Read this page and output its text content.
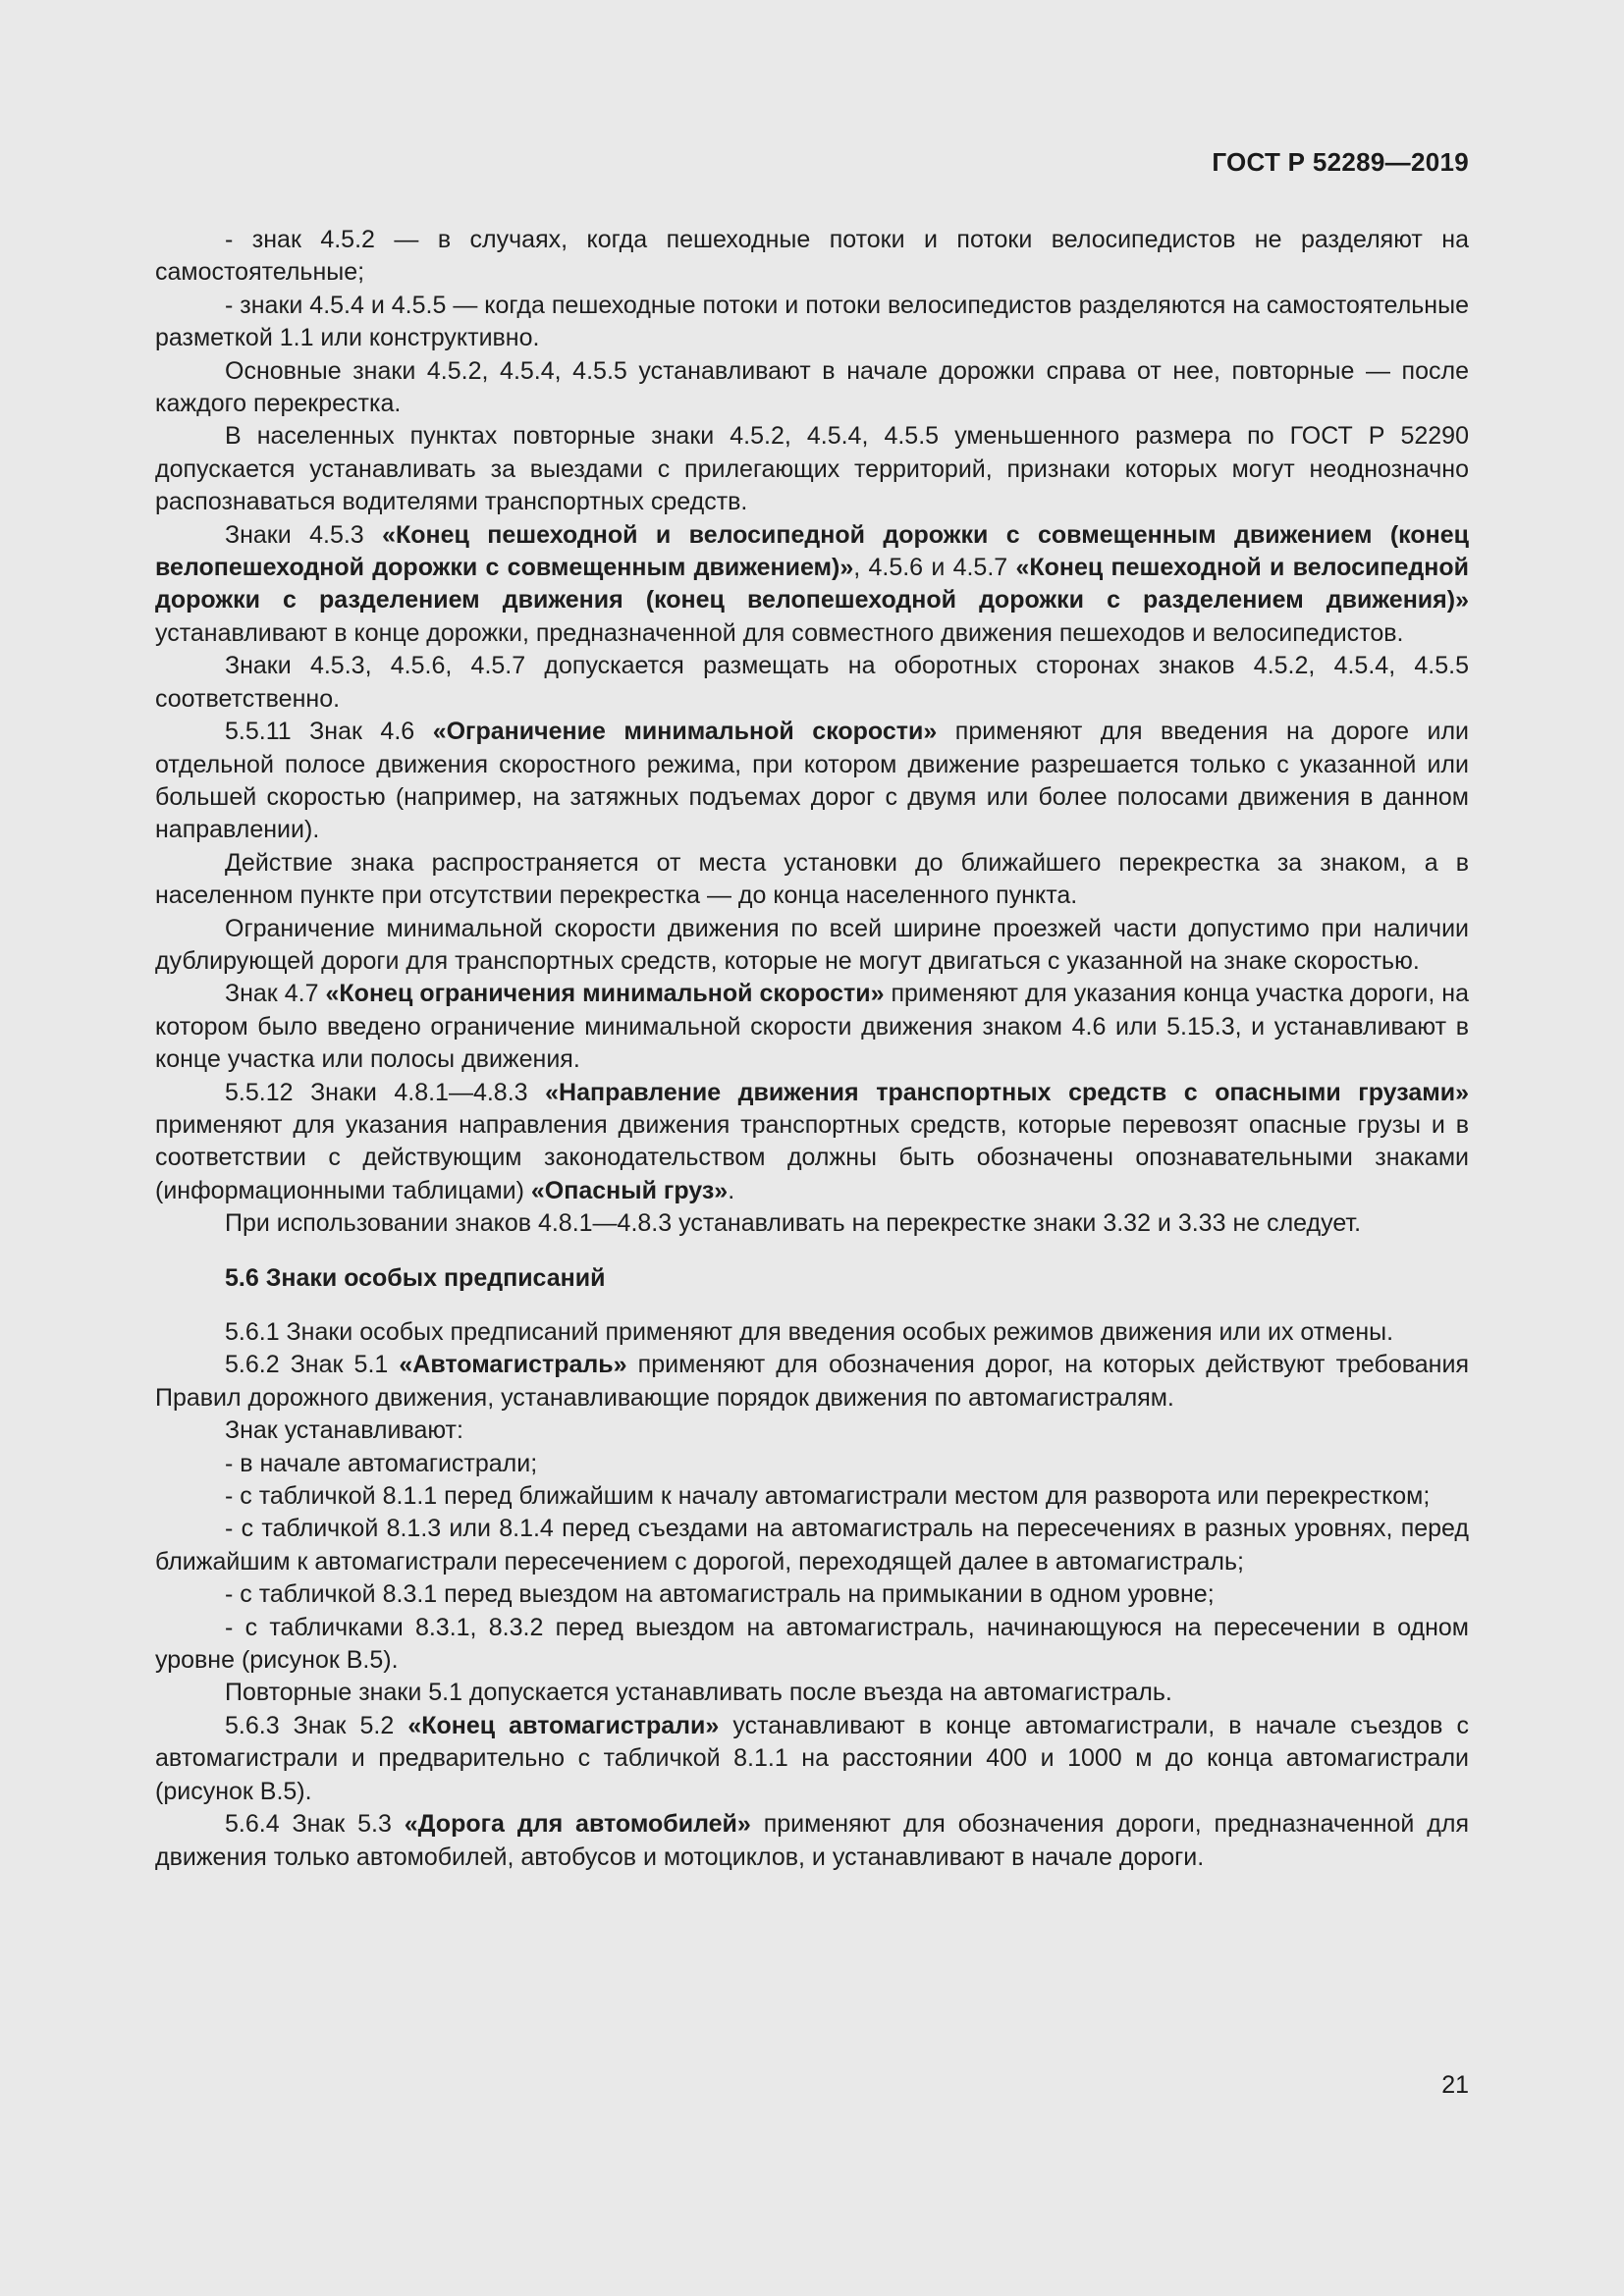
ГОСТ Р 52289—2019

- знак 4.5.2 — в случаях, когда пешеходные потоки и потоки велосипедистов не разделяют на самостоятельные;

- знаки 4.5.4 и 4.5.5 — когда пешеходные потоки и потоки велосипедистов разделяются на самостоятельные разметкой 1.1 или конструктивно.

Основные знаки 4.5.2, 4.5.4, 4.5.5 устанавливают в начале дорожки справа от нее, повторные — после каждого перекрестка.

В населенных пунктах повторные знаки 4.5.2, 4.5.4, 4.5.5 уменьшенного размера по ГОСТ Р 52290 допускается устанавливать за выездами с прилегающих территорий, признаки которых могут неоднозначно распознаваться водителями транспортных средств.

Знаки 4.5.3 «Конец пешеходной и велосипедной дорожки с совмещенным движением (конец велопешеходной дорожки с совмещенным движением)», 4.5.6 и 4.5.7 «Конец пешеходной и велосипедной дорожки с разделением движения (конец велопешеходной дорожки с разделением движения)» устанавливают в конце дорожки, предназначенной для совместного движения пешеходов и велосипедистов.

Знаки 4.5.3, 4.5.6, 4.5.7 допускается размещать на оборотных сторонах знаков 4.5.2, 4.5.4, 4.5.5 соответственно.

5.5.11 Знак 4.6 «Ограничение минимальной скорости» применяют для введения на дороге или отдельной полосе движения скоростного режима, при котором движение разрешается только с указанной или большей скоростью (например, на затяжных подъемах дорог с двумя или более полосами движения в данном направлении).

Действие знака распространяется от места установки до ближайшего перекрестка за знаком, а в населенном пункте при отсутствии перекрестка — до конца населенного пункта.

Ограничение минимальной скорости движения по всей ширине проезжей части допустимо при наличии дублирующей дороги для транспортных средств, которые не могут двигаться с указанной на знаке скоростью.

Знак 4.7 «Конец ограничения минимальной скорости» применяют для указания конца участка дороги, на котором было введено ограничение минимальной скорости движения знаком 4.6 или 5.15.3, и устанавливают в конце участка или полосы движения.

5.5.12 Знаки 4.8.1—4.8.3 «Направление движения транспортных средств с опасными грузами» применяют для указания направления движения транспортных средств, которые перевозят опасные грузы и в соответствии с действующим законодательством должны быть обозначены опознавательными знаками (информационными таблицами) «Опасный груз».

При использовании знаков 4.8.1—4.8.3 устанавливать на перекрестке знаки 3.32 и 3.33 не следует.

5.6 Знаки особых предписаний

5.6.1 Знаки особых предписаний применяют для введения особых режимов движения или их отмены.

5.6.2 Знак 5.1 «Автомагистраль» применяют для обозначения дорог, на которых действуют требования Правил дорожного движения, устанавливающие порядок движения по автомагистралям.

Знак устанавливают:

- в начале автомагистрали;

- с табличкой 8.1.1 перед ближайшим к началу автомагистрали местом для разворота или перекрестком;

- с табличкой 8.1.3 или 8.1.4 перед съездами на автомагистраль на пересечениях в разных уровнях, перед ближайшим к автомагистрали пересечением с дорогой, переходящей далее в автомагистраль;

- с табличкой 8.3.1 перед выездом на автомагистраль на примыкании в одном уровне;

- с табличками 8.3.1, 8.3.2 перед выездом на автомагистраль, начинающуюся на пересечении в одном уровне (рисунок В.5).

Повторные знаки 5.1 допускается устанавливать после въезда на автомагистраль.

5.6.3 Знак 5.2 «Конец автомагистрали» устанавливают в конце автомагистрали, в начале съездов с автомагистрали и предварительно с табличкой 8.1.1 на расстоянии 400 и 1000 м до конца автомагистрали (рисунок В.5).

5.6.4 Знак 5.3 «Дорога для автомобилей» применяют для обозначения дороги, предназначенной для движения только автомобилей, автобусов и мотоциклов, и устанавливают в начале дороги.

21
